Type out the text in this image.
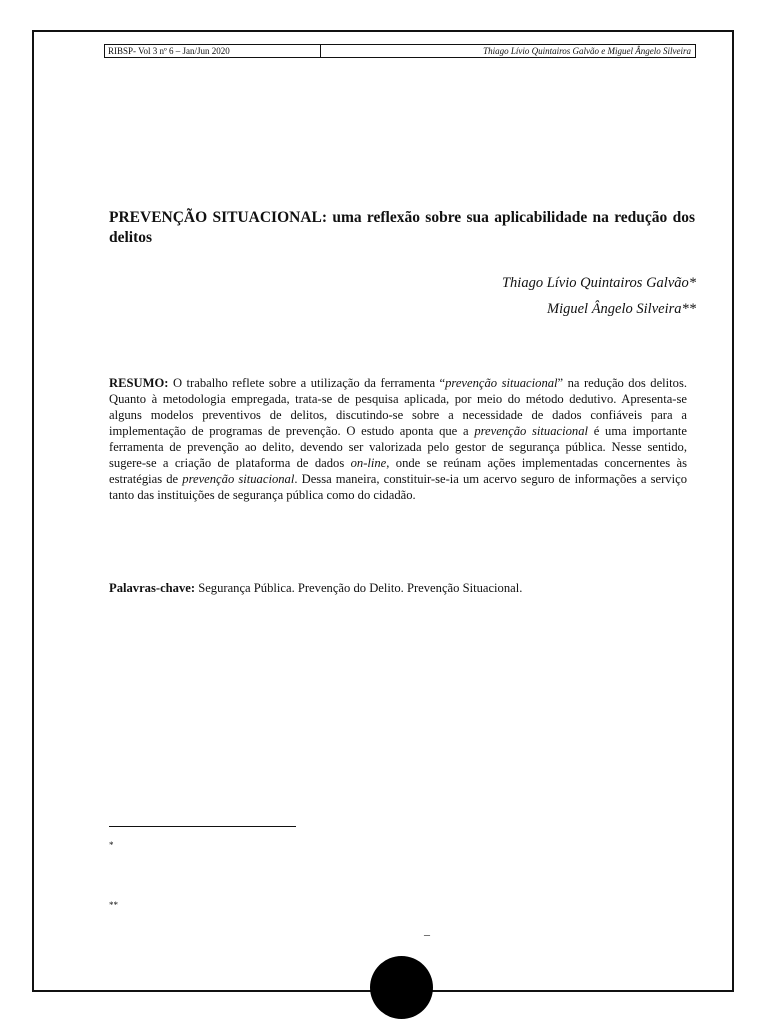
RIBSP- Vol 3 nº 6 – Jan/Jun 2020	Thiago Lívio Quintairos Galvão e Miguel Ângelo Silveira
PREVENÇÃO SITUACIONAL: uma reflexão sobre sua aplicabilidade na redução dos delitos
Thiago Lívio Quintairos Galvão*
Miguel Ângelo Silveira**

RESUMO: O trabalho reflete sobre a utilização da ferramenta “prevenção situacional” na redução dos delitos. Quanto à metodologia empregada, trata-se de pesquisa aplicada, por meio do método dedutivo. Apresenta-se alguns modelos preventivos de delitos, discutindo-se sobre a necessidade de dados confiáveis para a implementação de programas de prevenção. O estudo aponta que a prevenção situacional é uma importante ferramenta de prevenção ao delito, devendo ser valorizada pelo gestor de segurança pública. Nesse sentido, sugere-se a criação de plataforma de dados on-line, onde se reúnam ações implementadas concernentes às estratégias de prevenção situacional. Dessa maneira, constituir-se-ia um acervo seguro de informações a serviço tanto das instituições de segurança pública como do cidadão.

Palavras-chave: Segurança Pública. Prevenção do Delito. Prevenção Situacional.

*
**
–
